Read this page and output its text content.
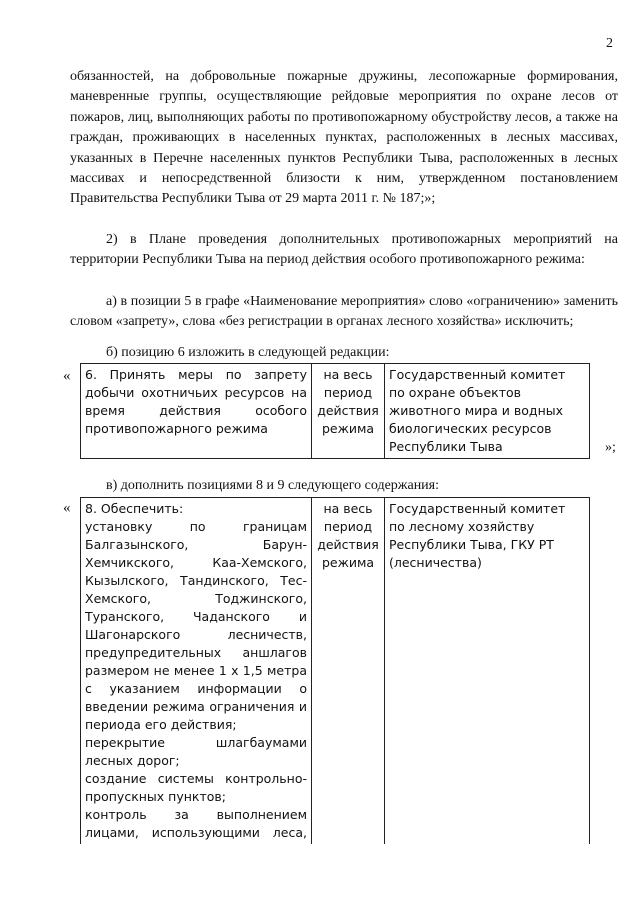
2

обязанностей, на добровольные пожарные дружины, лесопожарные формирования, маневренные группы, осуществляющие рейдовые мероприятия по охране лесов от пожаров, лиц, выполняющих работы по противопожарному обустройству лесов, а также на граждан, проживающих в населенных пунктах, расположенных в лесных массивах, указанных в Перечне населенных пунктов Республики Тыва, расположенных в лесных массивах и непосредственной близости к ним, утвержденном постановлением Правительства Республики Тыва от 29 марта 2011 г. № 187;»;

2) в Плане проведения дополнительных противопожарных мероприятий на территории Республики Тыва на период действия особого противопожарного режима:

а) в позиции 5 в графе «Наименование мероприятия» слово «ограничению» заменить словом «запрету», слова «без регистрации в органах лесного хозяйства» исключить;

б) позицию 6 изложить в следующей редакции:

« 6. Принять меры по запрету добычи охотничьих ресурсов на время действия особого противопожарного режима	на весь период действия режима	Государственный комитет по охране объектов животного мира и водных биологических ресурсов Республики Тыва	»;

в) дополнить позициями 8 и 9 следующего содержания:

« 8. Обеспечить:
установку по границам
Балгазынского, Барун-
Хемчикского, Каа-Хемского,
Кызылского, Тандинского, Тес-
Хемского, Тоджинского,
Туранского, Чаданского и
Шагонарского лесничеств,
предупредительных аншлагов
размером не менее 1 х 1,5 метра
с указанием информации о
введении режима ограничения и
периода его действия;
перекрытие шлагбаумами
лесных дорог;
создание системы контрольно-
пропускных пунктов;
контроль за выполнением
лицами, использующими леса,
	на весь период действия режима	Государственный комитет по лесному хозяйству Республики Тыва, ГКУ РТ (лесничества)
